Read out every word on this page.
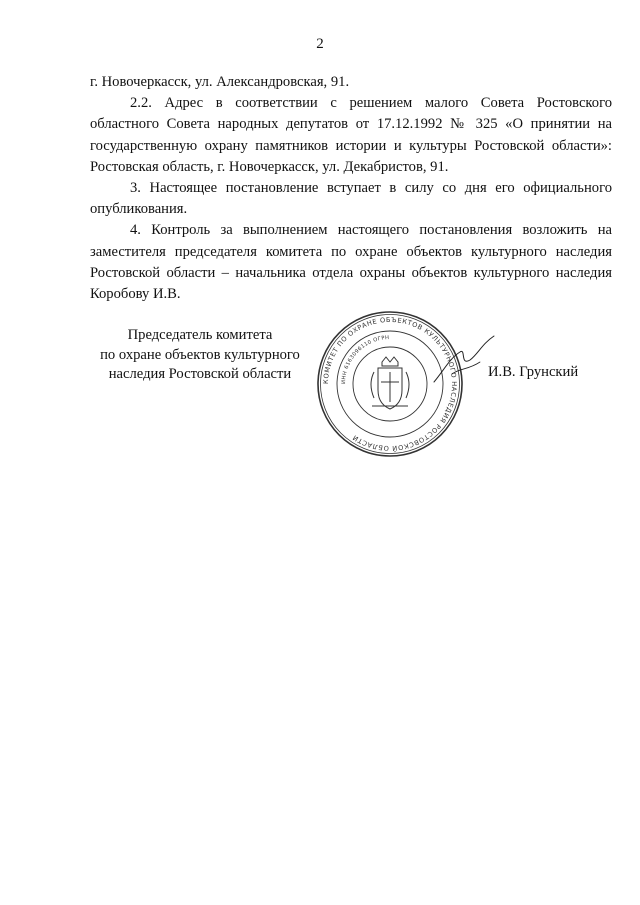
2

г. Новочеркасск, ул. Александровская, 91.

2.2. Адрес в соответствии с решением малого Совета Ростовского областного Совета народных депутатов от 17.12.1992 № 325 «О принятии на государственную охрану памятников истории и культуры Ростовской области»: Ростовская область, г. Новочеркасск, ул. Декабристов, 91.

3. Настоящее постановление вступает в силу со дня его официального опубликования.

4. Контроль за выполнением настоящего постановления возложить на заместителя председателя комитета по охране объектов культурного наследия Ростовской области – начальника отдела охраны объектов культурного наследия Коробову И.В.

Председатель комитета
по охране объектов культурного
наследия Ростовской области	КОМИТЕТ ПО ОХРАНЕ ОБЪЕКТОВ КУЛЬТУРНОГО НАСЛЕДИЯ РОСТОВСКОЙ ОБЛАСТИ
ИНН 6163096110 ОГРН
И.В. Грунский
